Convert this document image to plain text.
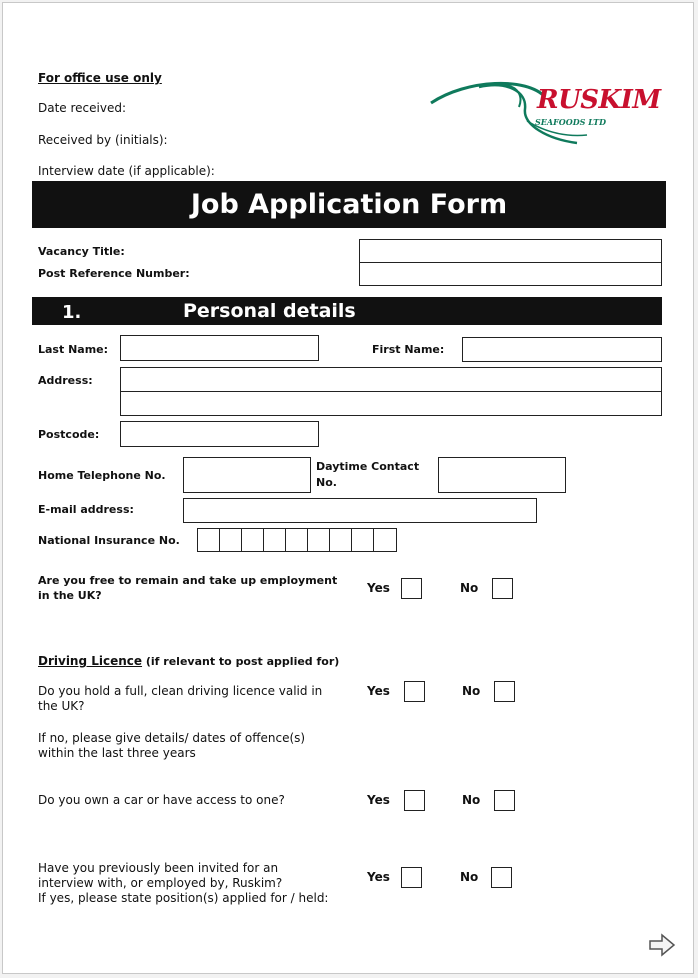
For office use only
Date received:
Received by (initials):
Interview date (if applicable):
RUSKIM
SEAFOODS LTD
Job Application Form
Vacancy Title:
Post Reference Number:
1.	Personal details
Last Name:	First Name:
Address:
Postcode:
Home Telephone No.
Daytime Contact
No.
E-mail address:
National Insurance No.
Are you free to remain and take up employment
in the UK?
Yes	No
Driving Licence (if relevant to post applied for)
Do you hold a full, clean driving licence valid in
the UK?
Yes	No
If no, please give details/ dates of offence(s)
within the last three years
Do you own a car or have access to one?	Yes	No
Have you previously been invited for an
interview with, or employed by, Ruskim?
If yes, please state position(s) applied for / held:
Yes	No
